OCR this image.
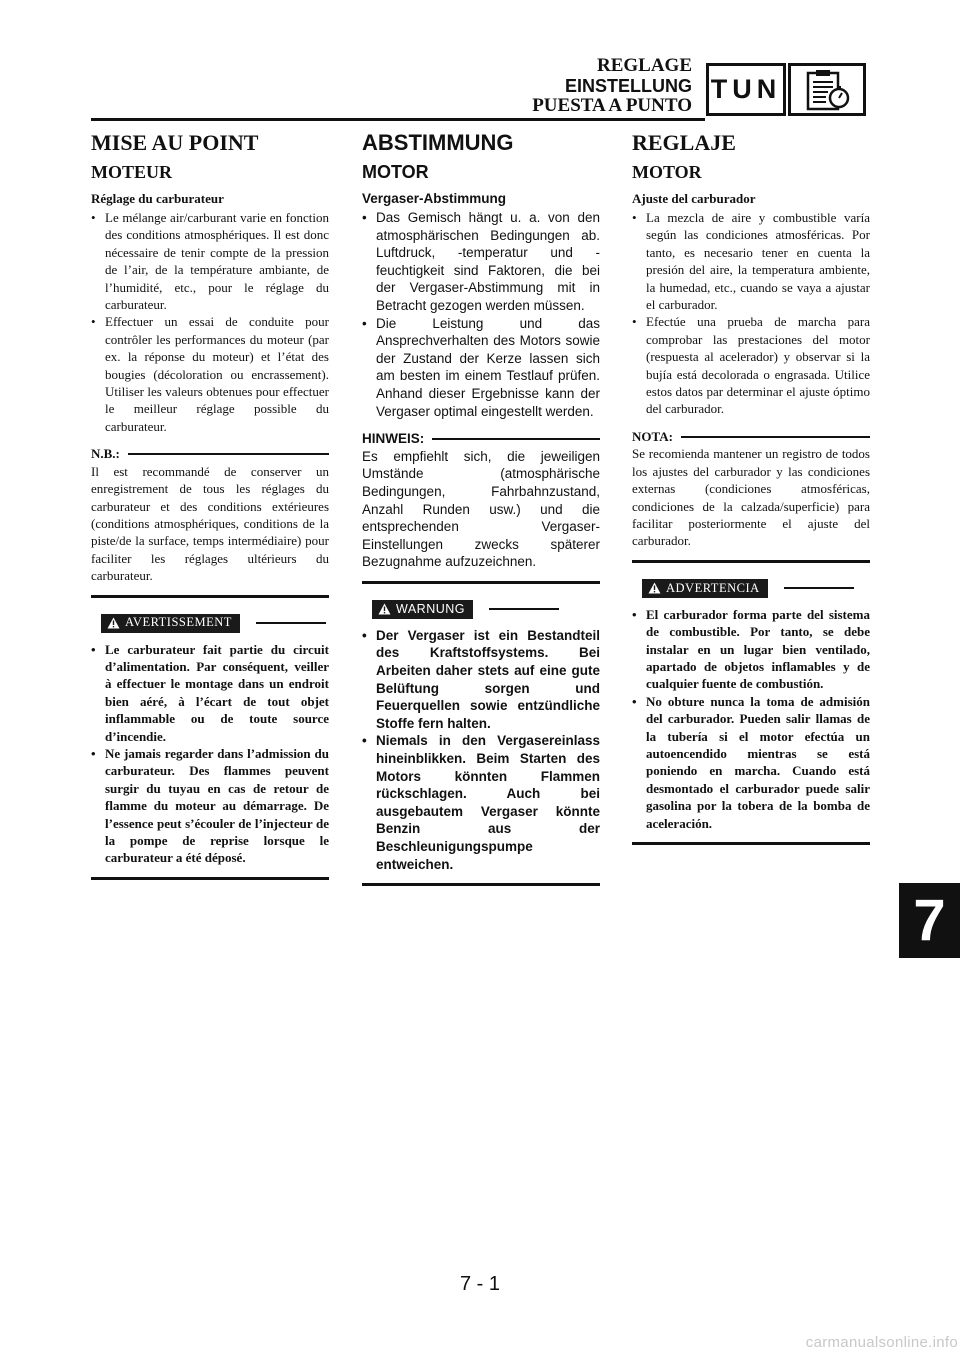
REGLAGE
EINSTELLUNG
PUESTA A PUNTO
TUN
MISE AU POINT
MOTEUR
Réglage du carburateur
• Le mélange air/carburant varie en fonction des conditions atmosphériques. Il est donc nécessaire de tenir compte de la pression de l’air, de la température ambiante, de l’humidité, etc., pour le réglage du carburateur.
• Effectuer un essai de conduite pour contrôler les performances du moteur (par ex. la réponse du moteur) et l’état des bougies (décoloration ou encrassement). Utiliser les valeurs obtenues pour effectuer le meilleur réglage possible du carburateur.
N.B.:

Il est recommandé de conserver un enregistrement de tous les réglages du carburateur et des conditions extérieures (conditions atmosphériques, conditions de la piste/de la surface, temps intermédiaire) pour faciliter les réglages ultérieurs du carburateur.

AVERTISSEMENT
• Le carburateur fait partie du circuit d’alimentation. Par conséquent, veiller à effectuer le montage dans un endroit bien aéré, à l’écart de tout objet inflammable ou de toute source d’incendie.
• Ne jamais regarder dans l’admission du carburateur. Des flammes peuvent surgir du tuyau en cas de retour de flamme du moteur au démarrage. De l’essence peut s’écouler de l’injecteur de la pompe de reprise lorsque le carburateur a été déposé.
ABSTIMMUNG
MOTOR
Vergaser-Abstimmung
• Das Gemisch hängt u. a. von den atmosphärischen Bedingungen ab. Luftdruck, -temperatur und -feuchtigkeit sind Faktoren, die bei der Vergaser-Abstimmung mit in Betracht gezogen werden müssen.
• Die Leistung und das Ansprechverhalten des Motors sowie der Zustand der Kerze lassen sich am besten im einem Testlauf prüfen. Anhand dieser Ergebnisse kann der Vergaser optimal eingestellt werden.
HINWEIS:

Es empfiehlt sich, die jeweiligen Umstände (atmosphärische Bedingungen, Fahrbahnzustand, Anzahl Runden usw.) und die entsprechenden Vergaser-Einstellungen zwecks späterer Bezugnahme aufzuzeichnen.

WARNUNG
• Der Vergaser ist ein Bestandteil des Kraftstoffsystems. Bei Arbeiten daher stets auf eine gute Belüftung sorgen und Feuerquellen sowie entzündliche Stoffe fern halten.
• Niemals in den Vergasereinlass hineinblikken. Beim Starten des Motors könnten Flammen rückschlagen. Auch bei ausgebautem Vergaser könnte Benzin aus der Beschleunigungspumpe entweichen.
REGLAJE
MOTOR
Ajuste del carburador
• La mezcla de aire y combustible varía según las condiciones atmosféricas. Por tanto, es necesario tener en cuenta la presión del aire, la temperatura ambiente, la humedad, etc., cuando se vaya a ajustar el carburador.
• Efectúe una prueba de marcha para comprobar las prestaciones del motor (respuesta al acelerador) y observar si la bujía está decolorada o engrasada. Utilice estos datos par determinar el ajuste óptimo del carburador.
NOTA:

Se recomienda mantener un registro de todos los ajustes del carburador y las condiciones externas (condiciones atmosféricas, condiciones de la calzada/superficie) para facilitar posteriormente el ajuste del carburador.

ADVERTENCIA
• El carburador forma parte del sistema de combustible. Por tanto, se debe instalar en un lugar bien ventilado, apartado de objetos inflamables y de cualquier fuente de combustión.
• No obture nunca la toma de admisión del carburador. Pueden salir llamas de la tubería si el motor efectúa un autoencendido mientras se está poniendo en marcha. Cuando está desmontado el carburador puede salir gasolina por la tobera de la bomba de aceleración.
7
7 - 1
carmanualsonline.info
